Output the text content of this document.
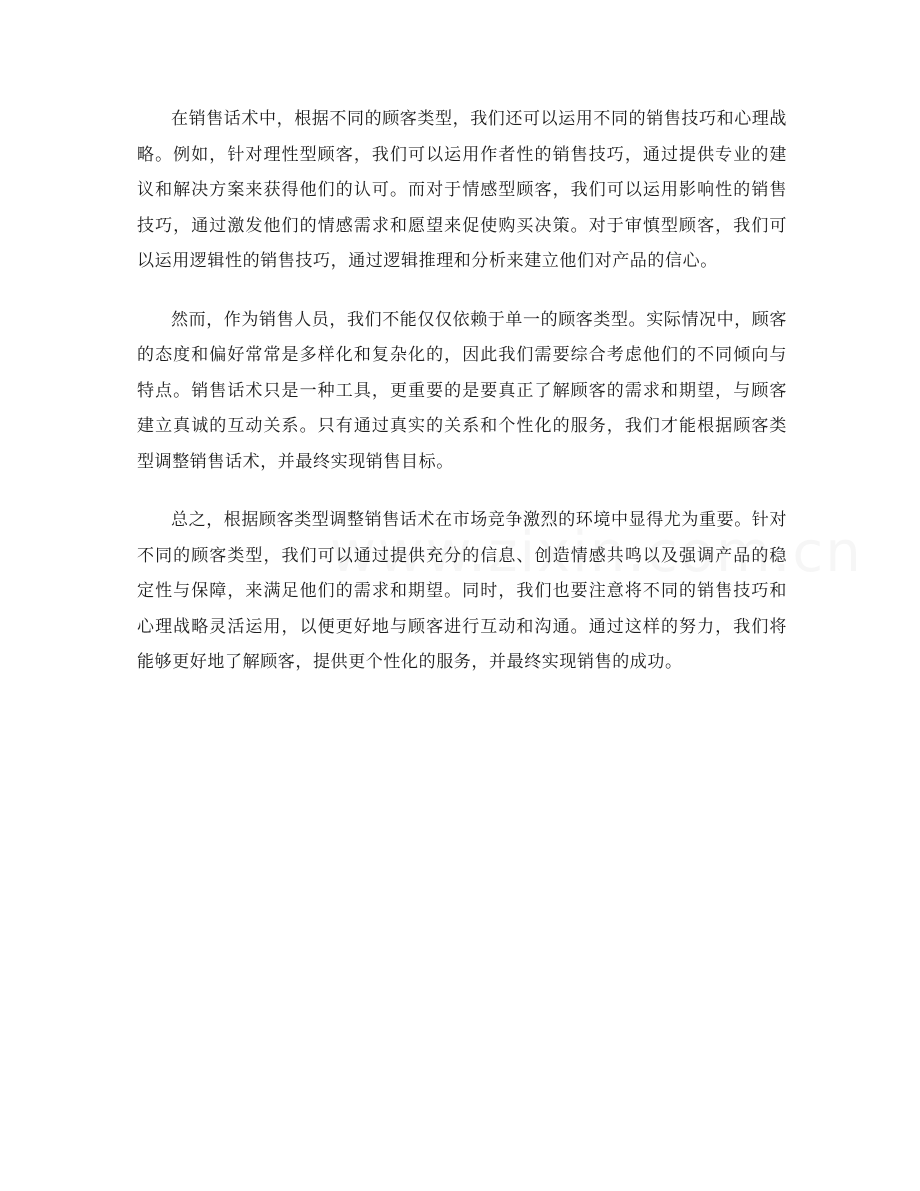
在销售话术中，根据不同的顾客类型，我们还可以运用不同的销售技巧和心理战略。例如，针对理性型顾客，我们可以运用作者性的销售技巧，通过提供专业的建议和解决方案来获得他们的认可。而对于情感型顾客，我们可以运用影响性的销售技巧，通过激发他们的情感需求和愿望来促使购买决策。对于审慎型顾客，我们可以运用逻辑性的销售技巧，通过逻辑推理和分析来建立他们对产品的信心。

然而，作为销售人员，我们不能仅仅依赖于单一的顾客类型。实际情况中，顾客的态度和偏好常常是多样化和复杂化的，因此我们需要综合考虑他们的不同倾向与特点。销售话术只是一种工具，更重要的是要真正了解顾客的需求和期望，与顾客建立真诚的互动关系。只有通过真实的关系和个性化的服务，我们才能根据顾客类型调整销售话术，并最终实现销售目标。

总之，根据顾客类型调整销售话术在市场竞争激烈的环境中显得尤为重要。针对不同的顾客类型，我们可以通过提供充分的信息、创造情感共鸣以及强调产品的稳定性与保障，来满足他们的需求和期望。同时，我们也要注意将不同的销售技巧和心理战略灵活运用，以便更好地与顾客进行互动和沟通。通过这样的努力，我们将能够更好地了解顾客，提供更个性化的服务，并最终实现销售的成功。
